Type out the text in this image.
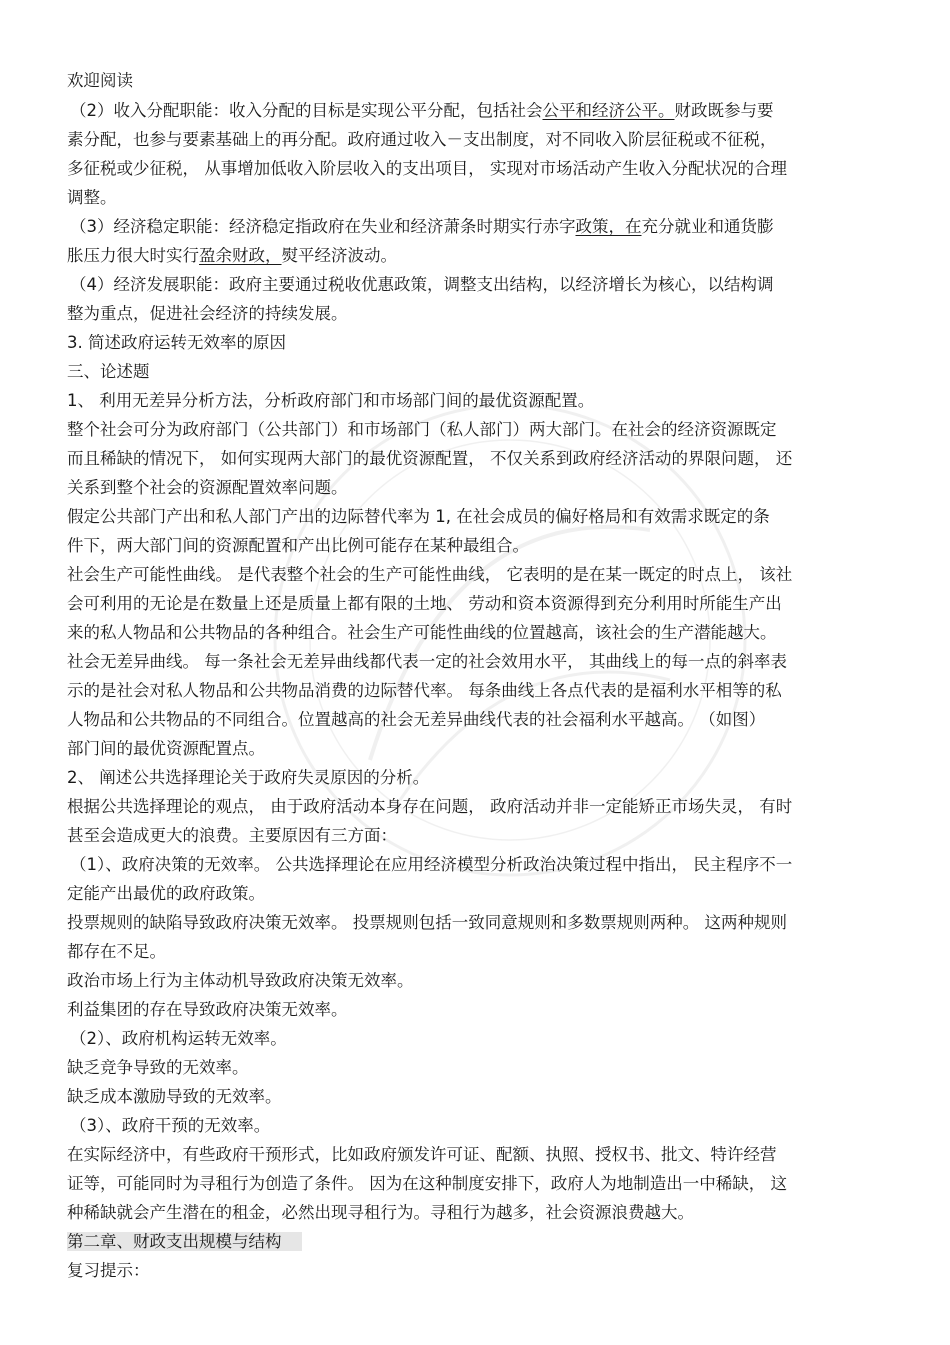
欢迎阅读
（2）收入分配职能：收入分配的目标是实现公平分配，包括社会公平和经济公平。财政既参与要
素分配，也参与要素基础上的再分配。政府通过收入－支出制度，对不同收入阶层征税或不征税，
多征税或少征税， 从事增加低收入阶层收入的支出项目， 实现对市场活动产生收入分配状况的合理
调整。
（3）经济稳定职能：经济稳定指政府在失业和经济萧条时期实行赤字政策，在充分就业和通货膨
胀压力很大时实行盈余财政，熨平经济波动。
（4）经济发展职能：政府主要通过税收优惠政策，调整支出结构，以经济增长为核心，以结构调
整为重点，促进社会经济的持续发展。
3. 简述政府运转无效率的原因
三、论述题
1、 利用无差异分析方法，分析政府部门和市场部门间的最优资源配置。
整个社会可分为政府部门（公共部门）和市场部门（私人部门）两大部门。在社会的经济资源既定
而且稀缺的情况下， 如何实现两大部门的最优资源配置， 不仅关系到政府经济活动的界限问题， 还
关系到整个社会的资源配置效率问题。
假定公共部门产出和私人部门产出的边际替代率为 1, 在社会成员的偏好格局和有效需求既定的条
件下，两大部门间的资源配置和产出比例可能存在某种最组合。
社会生产可能性曲线。 是代表整个社会的生产可能性曲线， 它表明的是在某一既定的时点上， 该社
会可利用的无论是在数量上还是质量上都有限的土地、 劳动和资本资源得到充分利用时所能生产出
来的私人物品和公共物品的各种组合。社会生产可能性曲线的位置越高，该社会的生产潜能越大。
社会无差异曲线。 每一条社会无差异曲线都代表一定的社会效用水平， 其曲线上的每一点的斜率表
示的是社会对私人物品和公共物品消费的边际替代率。 每条曲线上各点代表的是福利水平相等的私
人物品和公共物品的不同组合。位置越高的社会无差异曲线代表的社会福利水平越高。 （如图）
部门间的最优资源配置点。
2、 阐述公共选择理论关于政府失灵原因的分析。
根据公共选择理论的观点， 由于政府活动本身存在问题， 政府活动并非一定能矫正市场失灵， 有时
甚至会造成更大的浪费。主要原因有三方面：
（1）、政府决策的无效率。 公共选择理论在应用经济模型分析政治决策过程中指出， 民主程序不一
定能产出最优的政府政策。
投票规则的缺陷导致政府决策无效率。 投票规则包括一致同意规则和多数票规则两种。 这两种规则
都存在不足。
政治市场上行为主体动机导致政府决策无效率。
利益集团的存在导致政府决策无效率。
（2）、政府机构运转无效率。
缺乏竞争导致的无效率。
缺乏成本激励导致的无效率。
（3）、政府干预的无效率。
在实际经济中，有些政府干预形式，比如政府颁发许可证、配额、执照、授权书、批文、特许经营
证等，可能同时为寻租行为创造了条件。 因为在这种制度安排下，政府人为地制造出一中稀缺， 这
种稀缺就会产生潜在的租金，必然出现寻租行为。寻租行为越多，社会资源浪费越大。
第二章、财政支出规模与结构
复习提示：
